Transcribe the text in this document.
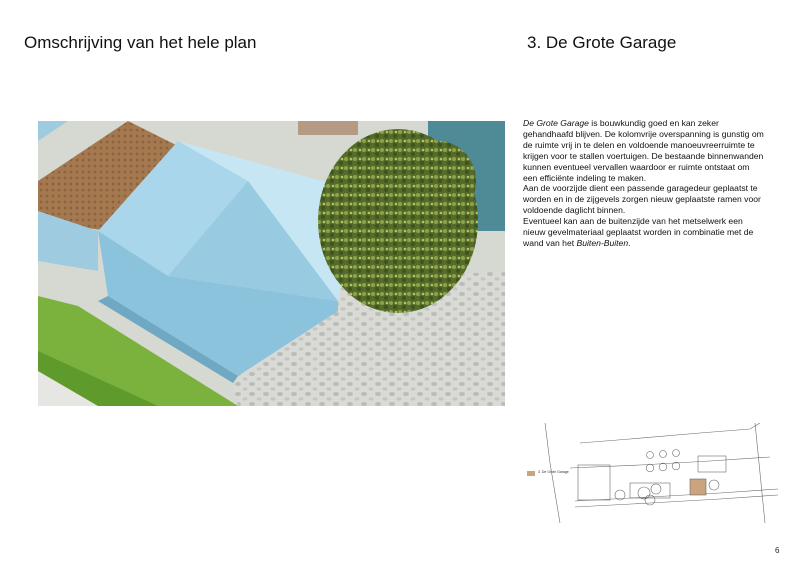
Omschrijving van het hele plan	3. De Grote Garage

De Grote Garage is bouwkundig goed en kan zeker gehandhaafd blijven. De kolomvrije overspanning is gunstig om de ruimte vrij in te delen en voldoende manoeuvreerruimte te krijgen voor te stallen voertuigen. De bestaande binnenwanden kunnen eventueel vervallen waardoor er ruimte ontstaat om een efficiënte indeling te maken.

Aan de voorzijde dient een passende garagedeur geplaatst te worden en in de zijgevels zorgen nieuw geplaatste ramen voor voldoende daglicht binnen.

Eventueel kan aan de buitenzijde van het metselwerk een nieuw gevelmateriaal geplaatst worden in combinatie met de wand van het Buiten-Buiten.

3. De Grote Garage
6
